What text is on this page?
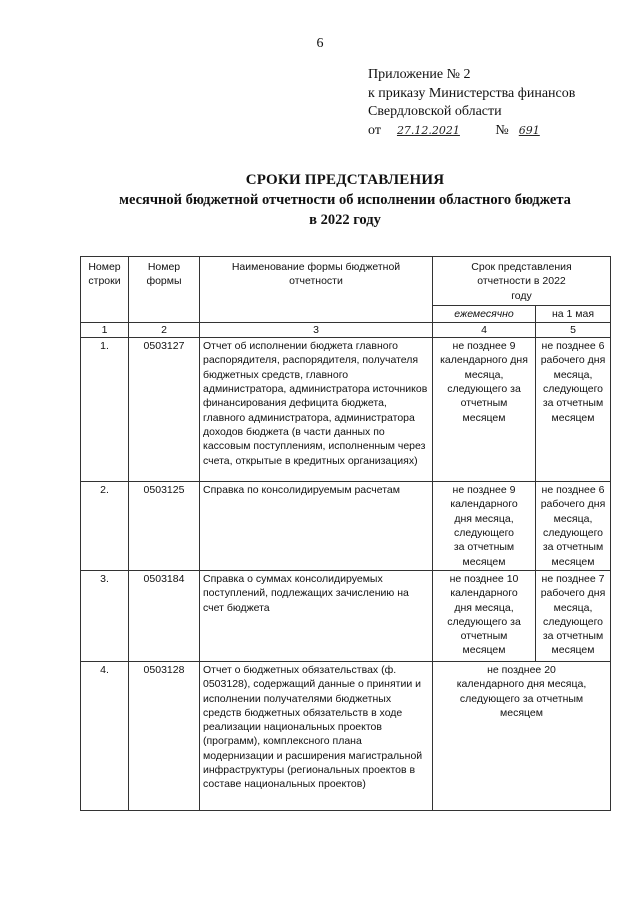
6
Приложение № 2
к приказу Министерства финансов
Свердловской области
от 27.12.2021	№ 691
СРОКИ ПРЕДСТАВЛЕНИЯ
месячной бюджетной отчетности об исполнении областного бюджета
в 2022 году
Номер строки	Номер формы	Наименование формы бюджетной отчетности	Срок представления отчетности в 2022 году	
			ежемесячно	на 1 мая
1	2	3	4	5
1.	0503127	Отчет об исполнении бюджета главного распорядителя, распорядителя, получателя бюджетных средств, главного администратора, администратора источников финансирования дефицита бюджета, главного администратора, администратора доходов бюджета (в части данных по кассовым поступлениям, исполненным через счета, открытые в кредитных организациях)	не позднее 9 календарного дня месяца, следующего за отчетным месяцем	не позднее 6 рабочего дня месяца, следующего за отчетным месяцем
2.	0503125	Справка по консолидируемым расчетам	не позднее 9 календарного дня месяца, следующего за отчетным месяцем	не позднее 6 рабочего дня месяца, следующего за отчетным месяцем
3.	0503184	Справка о суммах консолидируемых поступлений, подлежащих зачислению на счет бюджета	не позднее 10 календарного дня месяца, следующего за отчетным месяцем	не позднее 7 рабочего дня месяца, следующего за отчетным месяцем
4.	0503128	Отчет о бюджетных обязательствах (ф. 0503128), содержащий данные о принятии и исполнении получателями бюджетных средств бюджетных обязательств в ходе реализации национальных проектов (программ), комплексного плана модернизации и расширения магистральной инфраструктуры (региональных проектов в составе национальных проектов)	не позднее 20 календарного дня месяца, следующего за отчетным месяцем	
